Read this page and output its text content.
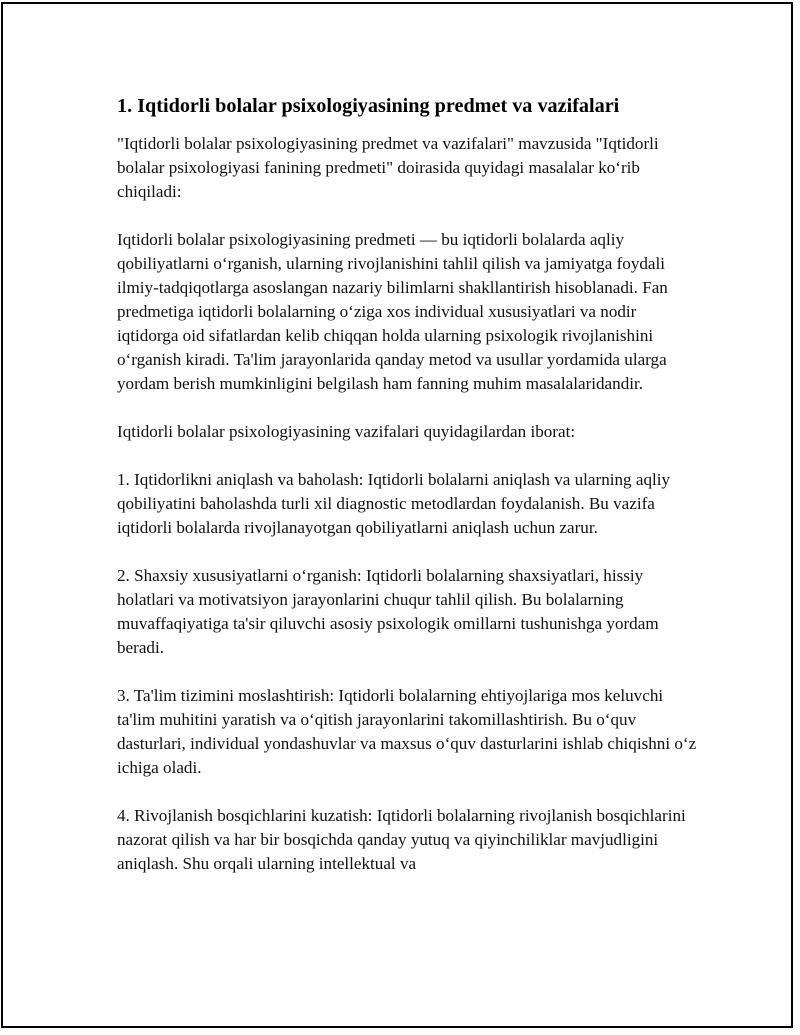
1. Iqtidorli bolalar psixologiyasining predmet va vazifalari

"Iqtidorli bolalar psixologiyasining predmet va vazifalari" mavzusida "Iqtidorli bolalar psixologiyasi fanining predmeti" doirasida quyidagi masalalar ko‘rib chiqiladi:

Iqtidorli bolalar psixologiyasining predmeti — bu iqtidorli bolalarda aqliy qobiliyatlarni o‘rganish, ularning rivojlanishini tahlil qilish va jamiyatga foydali ilmiy-tadqiqotlarga asoslangan nazariy bilimlarni shakllantirish hisoblanadi. Fan predmetiga iqtidorli bolalarning o‘ziga xos individual xususiyatlari va nodir iqtidorga oid sifatlardan kelib chiqqan holda ularning psixologik rivojlanishini o‘rganish kiradi. Ta'lim jarayonlarida qanday metod va usullar yordamida ularga yordam berish mumkinligini belgilash ham fanning muhim masalalaridandir.

Iqtidorli bolalar psixologiyasining vazifalari quyidagilardan iborat:

1. Iqtidorlikni aniqlash va baholash: Iqtidorli bolalarni aniqlash va ularning aqliy qobiliyatini baholashda turli xil diagnostic metodlardan foydalanish. Bu vazifa iqtidorli bolalarda rivojlanayotgan qobiliyatlarni aniqlash uchun zarur.

2. Shaxsiy xususiyatlarni o‘rganish: Iqtidorli bolalarning shaxsiyatlari, hissiy holatlari va motivatsiyon jarayonlarini chuqur tahlil qilish. Bu bolalarning muvaffaqiyatiga ta'sir qiluvchi asosiy psixologik omillarni tushunishga yordam beradi.

3. Ta'lim tizimini moslashtirish: Iqtidorli bolalarning ehtiyojlariga mos keluvchi ta'lim muhitini yaratish va o‘qitish jarayonlarini takomillashtirish. Bu o‘quv dasturlari, individual yondashuvlar va maxsus o‘quv dasturlarini ishlab chiqishni o‘z ichiga oladi.

4. Rivojlanish bosqichlarini kuzatish: Iqtidorli bolalarning rivojlanish bosqichlarini nazorat qilish va har bir bosqichda qanday yutuq va qiyinchiliklar mavjudligini aniqlash. Shu orqali ularning intellektual va
